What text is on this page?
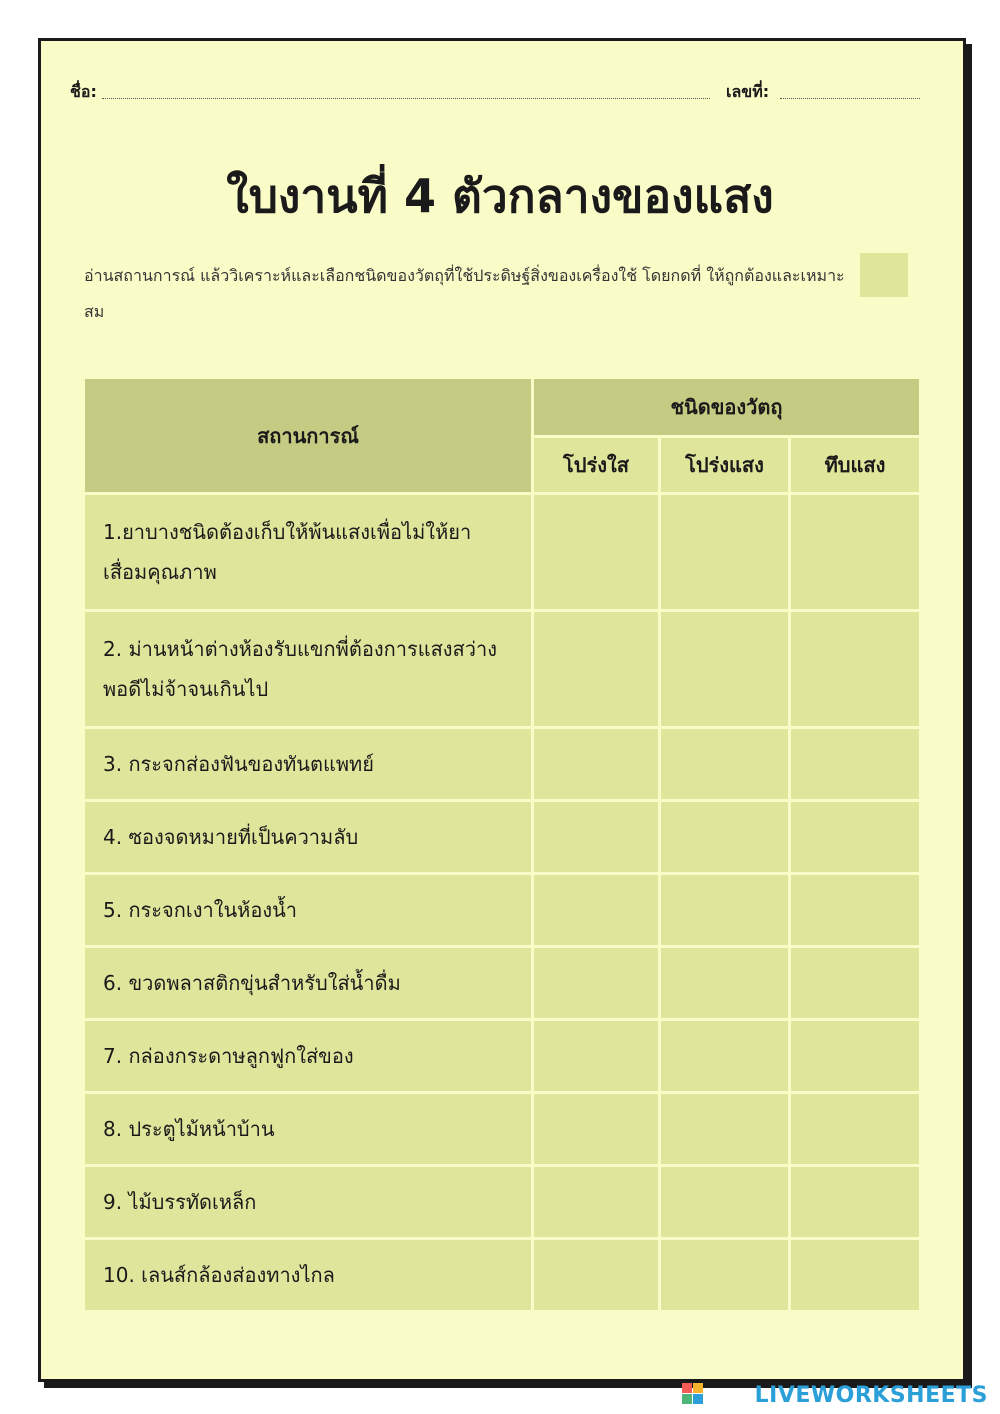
ชื่อ:	เลขที่:
ใบงานที่ 4 ตัวกลางของแสง
อ่านสถานการณ์ แล้ววิเคราะห์และเลือกชนิดของวัตถุที่ใช้ประดิษฐ์สิ่งของเครื่องใช้ โดยกดที่ ให้ถูกต้องและเหมาะสม
สถานการณ์	ชนิดของวัตถุ		
	โปร่งใส	โปร่งแสง	ทึบแสง
1.ยาบางชนิดต้องเก็บให้พ้นแสงเพื่อไม่ให้ยาเสื่อมคุณภาพ			
2. ม่านหน้าต่างห้องรับแขกพี่ต้องการแสงสว่างพอดีไม่จ้าจนเกินไป			
3. กระจกส่องฟันของทันตแพทย์			
4. ซองจดหมายที่เป็นความลับ			
5. กระจกเงาในห้องน้ำ			
6. ขวดพลาสติกขุ่นสำหรับใส่น้ำดื่ม			
7. กล่องกระดาษลูกฟูกใส่ของ			
8. ประตูไม้หน้าบ้าน			
9. ไม้บรรทัดเหล็ก			
10. เลนส์กล้องส่องทางไกล			
LIVEWORKSHEETS
